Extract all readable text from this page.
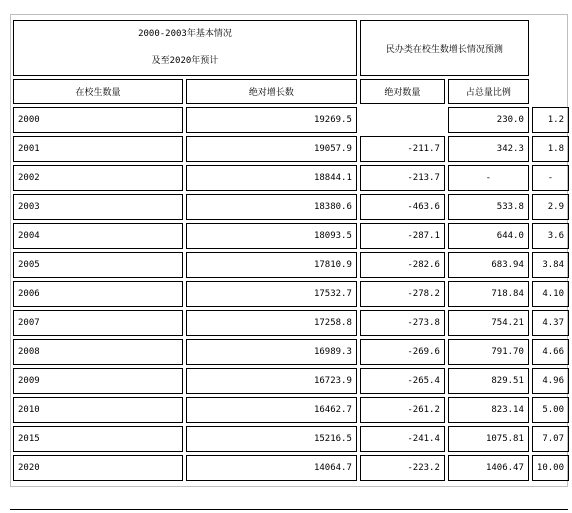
2000-2003年基本情况
及至2020年预计		民办类在校生数增长情况预测		
在校生数量	绝对增长数	绝对数量	占总量比例	
2000	19269.5		230.0	1.2
2001	19057.9	-211.7	342.3	1.8
2002	18844.1	-213.7	-	-
2003	18380.6	-463.6	533.8	2.9
2004	18093.5	-287.1	644.0	3.6
2005	17810.9	-282.6	683.94	3.84
2006	17532.7	-278.2	718.84	4.10
2007	17258.8	-273.8	754.21	4.37
2008	16989.3	-269.6	791.70	4.66
2009	16723.9	-265.4	829.51	4.96
2010	16462.7	-261.2	823.14	5.00
2015	15216.5	-241.4	1075.81	7.07
2020	14064.7	-223.2	1406.47	10.00
